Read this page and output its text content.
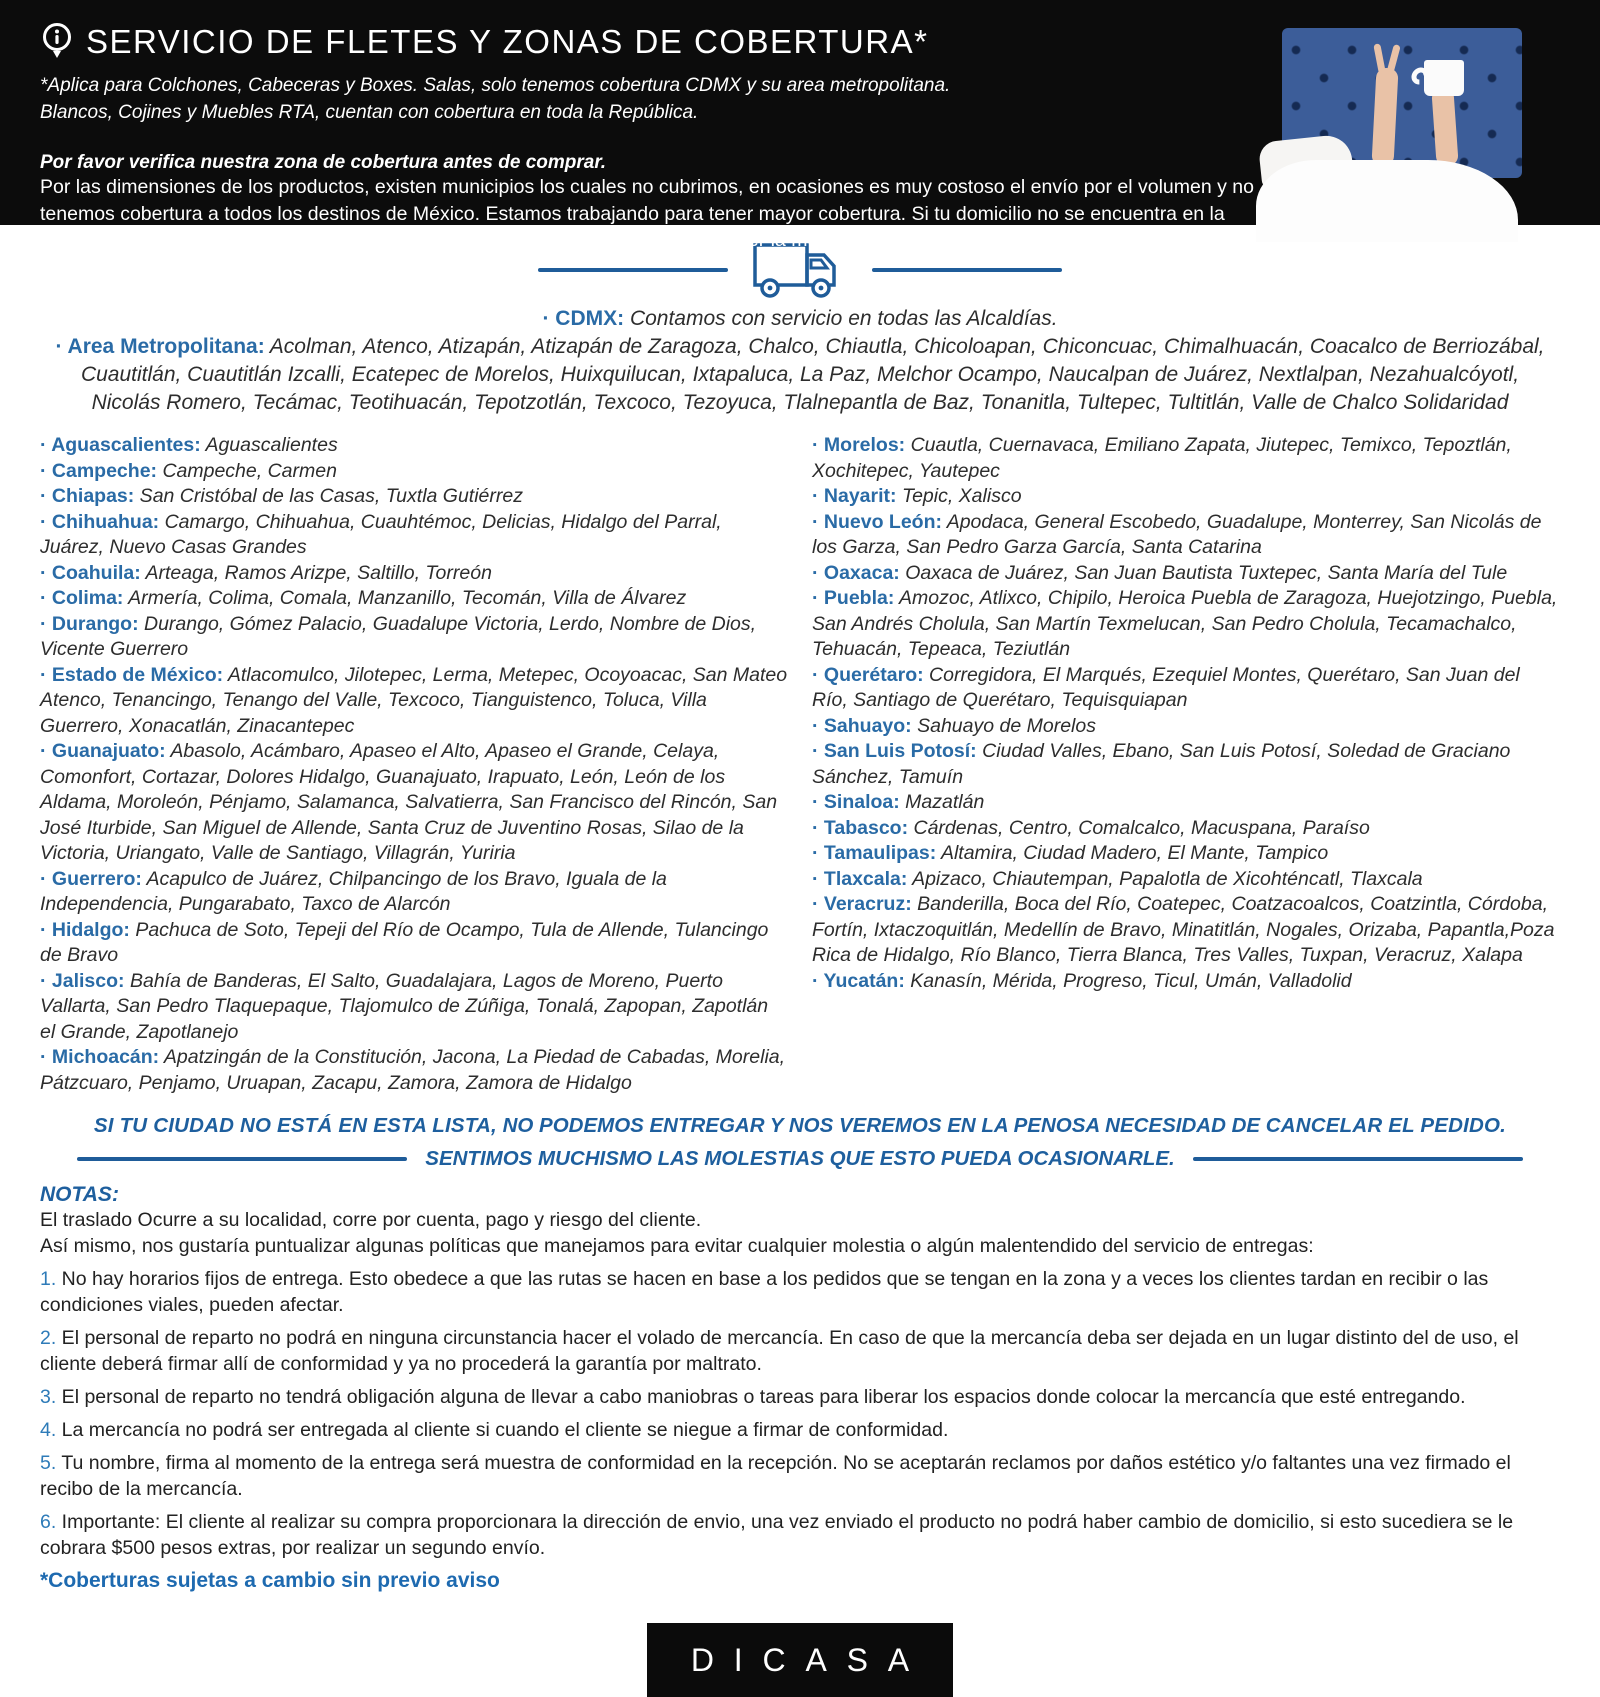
SERVICIO DE FLETES Y ZONAS DE COBERTURA*
*Aplica para Colchones, Cabeceras y Boxes. Salas, solo tenemos cobertura CDMX y su area metropolitana.
Blancos, Cojines y Muebles RTA, cuentan con cobertura en toda la República.
Por favor verifica nuestra zona de cobertura antes de comprar.
Por las dimensiones de los productos, existen municipios los cuales no cubrimos, en ocasiones es muy costoso el envío por el volumen y no tenemos cobertura a todos los destinos de México. Estamos trabajando para tener mayor cobertura. Si tu domicilio no se encuentra en la lista, lo podemos llevar a la ciudad más cercana para que de ahí, tú puedas recoger la mercancía. Esto se llama servicio Ocurre.
· CDMX: Contamos con servicio en todas las Alcaldías.
· Area Metropolitana: Acolman, Atenco, Atizapán, Atizapán de Zaragoza, Chalco, Chiautla, Chicoloapan, Chiconcuac, Chimalhuacán, Coacalco de Berriozábal, Cuautitlán, Cuautitlán Izcalli, Ecatepec de Morelos, Huixquilucan, Ixtapaluca, La Paz, Melchor Ocampo, Naucalpan de Juárez, Nextlalpan, Nezahualcóyotl, Nicolás Romero, Tecámac, Teotihuacán, Tepotzotlán, Texcoco, Tezoyuca, Tlalnepantla de Baz, Tonanitla, Tultepec, Tultitlán, Valle de Chalco Solidaridad

· Aguascalientes: Aguascalientes

· Campeche: Campeche, Carmen

· Chiapas: San Cristóbal de las Casas, Tuxtla Gutiérrez

· Chihuahua: Camargo, Chihuahua, Cuauhtémoc, Delicias, Hidalgo del Parral, Juárez, Nuevo Casas Grandes

· Coahuila: Arteaga, Ramos Arizpe, Saltillo, Torreón

· Colima: Armería, Colima, Comala, Manzanillo, Tecomán, Villa de Álvarez

· Durango: Durango, Gómez Palacio, Guadalupe Victoria, Lerdo, Nombre de Dios, Vicente Guerrero

· Estado de México: Atlacomulco, Jilotepec, Lerma, Metepec, Ocoyoacac, San Mateo Atenco, Tenancingo, Tenango del Valle, Texcoco, Tianguistenco, Toluca, Villa Guerrero, Xonacatlán, Zinacantepec

· Guanajuato: Abasolo, Acámbaro, Apaseo el Alto, Apaseo el Grande, Celaya, Comonfort, Cortazar, Dolores Hidalgo, Guanajuato, Irapuato, León, León de los Aldama, Moroleón, Pénjamo, Salamanca, Salvatierra, San Francisco del Rincón, San José Iturbide, San Miguel de Allende, Santa Cruz de Juventino Rosas, Silao de la Victoria, Uriangato, Valle de Santiago, Villagrán, Yuriria

· Guerrero: Acapulco de Juárez, Chilpancingo de los Bravo, Iguala de la Independencia, Pungarabato, Taxco de Alarcón

· Hidalgo: Pachuca de Soto, Tepeji del Río de Ocampo, Tula de Allende, Tulancingo de Bravo

· Jalisco: Bahía de Banderas, El Salto, Guadalajara, Lagos de Moreno, Puerto Vallarta, San Pedro Tlaquepaque, Tlajomulco de Zúñiga, Tonalá, Zapopan, Zapotlán el Grande, Zapotlanejo

· Michoacán: Apatzingán de la Constitución, Jacona, La Piedad de Cabadas, Morelia, Pátzcuaro, Penjamo, Uruapan, Zacapu, Zamora, Zamora de Hidalgo

· Morelos: Cuautla, Cuernavaca, Emiliano Zapata, Jiutepec, Temixco, Tepoztlán, Xochitepec, Yautepec

· Nayarit: Tepic, Xalisco

· Nuevo León: Apodaca, General Escobedo, Guadalupe, Monterrey, San Nicolás de los Garza, San Pedro Garza García, Santa Catarina

· Oaxaca: Oaxaca de Juárez, San Juan Bautista Tuxtepec, Santa María del Tule

· Puebla: Amozoc, Atlixco, Chipilo, Heroica Puebla de Zaragoza, Huejotzingo, Puebla, San Andrés Cholula, San Martín Texmelucan, San Pedro Cholula, Tecamachalco, Tehuacán, Tepeaca, Teziutlán

· Querétaro: Corregidora, El Marqués, Ezequiel Montes, Querétaro, San Juan del Río, Santiago de Querétaro, Tequisquiapan

· Sahuayo: Sahuayo de Morelos

· San Luis Potosí: Ciudad Valles, Ebano, San Luis Potosí, Soledad de Graciano Sánchez, Tamuín

· Sinaloa: Mazatlán

· Tabasco: Cárdenas, Centro, Comalcalco, Macuspana, Paraíso

· Tamaulipas: Altamira, Ciudad Madero, El Mante, Tampico

· Tlaxcala: Apizaco, Chiautempan, Papalotla de Xicohténcatl, Tlaxcala

· Veracruz: Banderilla, Boca del Río, Coatepec, Coatzacoalcos, Coatzintla, Córdoba, Fortín, Ixtaczoquitlán, Medellín de Bravo, Minatitlán, Nogales, Orizaba, Papantla,Poza Rica de Hidalgo, Río Blanco, Tierra Blanca, Tres Valles, Tuxpan, Veracruz, Xalapa

· Yucatán: Kanasín, Mérida, Progreso, Ticul, Umán, Valladolid

SI TU CIUDAD NO ESTÁ EN ESTA LISTA, NO PODEMOS ENTREGAR Y NOS VEREMOS EN LA PENOSA NECESIDAD DE CANCELAR EL PEDIDO.
SENTIMOS MUCHISMO LAS MOLESTIAS QUE ESTO PUEDA OCASIONARLE.
NOTAS:
El traslado Ocurre a su localidad, corre por cuenta, pago y riesgo del cliente.
Así mismo, nos gustaría puntualizar algunas políticas que manejamos para evitar cualquier molestia o algún malentendido del servicio de entregas:

1. No hay horarios fijos de entrega. Esto obedece a que las rutas se hacen en base a los pedidos que se tengan en la zona y a veces los clientes tardan en recibir o las condiciones viales, pueden afectar.

2. El personal de reparto no podrá en ninguna circunstancia hacer el volado de mercancía. En caso de que la mercancía deba ser dejada en un lugar distinto del de uso, el cliente deberá firmar allí de conformidad y ya no procederá la garantía por maltrato.

3. El personal de reparto no tendrá obligación alguna de llevar a cabo maniobras o tareas para liberar los espacios donde colocar la mercancía que esté entregando.

4. La mercancía no podrá ser entregada al cliente si cuando el cliente se niegue a firmar de conformidad.

5. Tu nombre, firma al momento de la entrega será muestra de conformidad en la recepción. No se aceptarán reclamos por daños estético y/o faltantes una vez firmado el recibo de la mercancía.

6. Importante: El cliente al realizar su compra proporcionara la dirección de envio, una vez enviado el producto no podrá haber cambio de domicilio, si esto sucediera se le cobrara $500 pesos extras, por realizar un segundo envío.

*Coberturas sujetas a cambio sin previo aviso
DICASA
